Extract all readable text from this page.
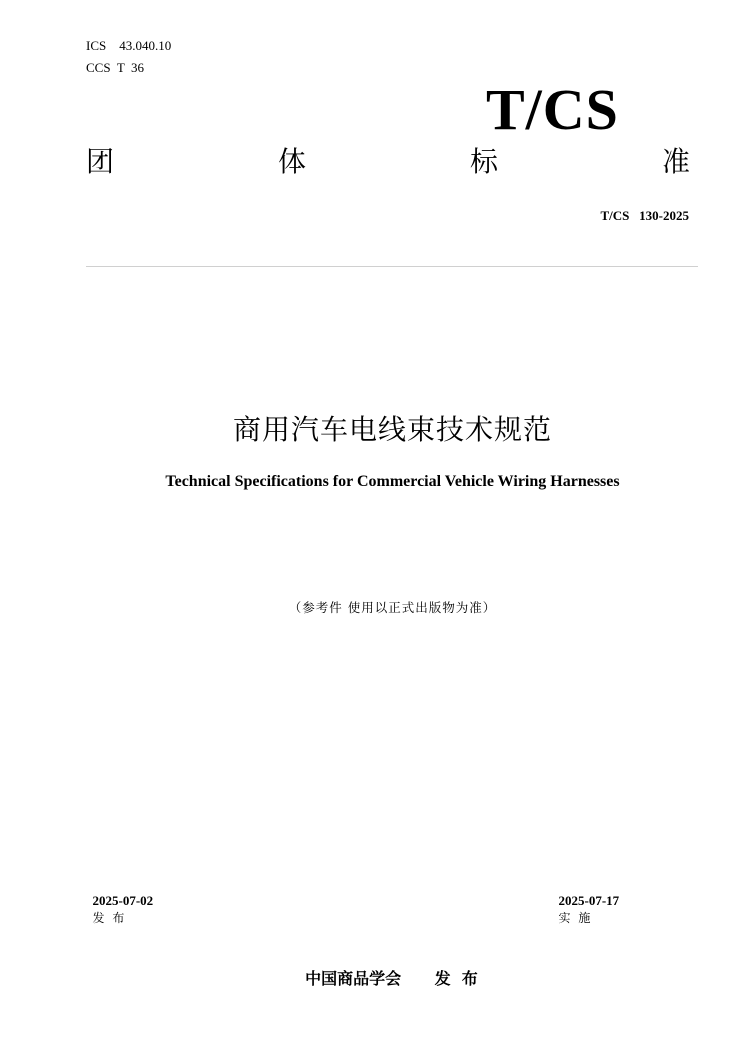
ICS    43.040.10
CCS  T  36
T/CS
团	体	标	准
T/CS   130-2025
商用汽车电线束技术规范
Technical Specifications for Commercial Vehicle Wiring Harnesses
（参考件 使用以正式出版物为准）

2025-07-02
发 布

2025-07-17
实 施

中国商品学会 发  布
